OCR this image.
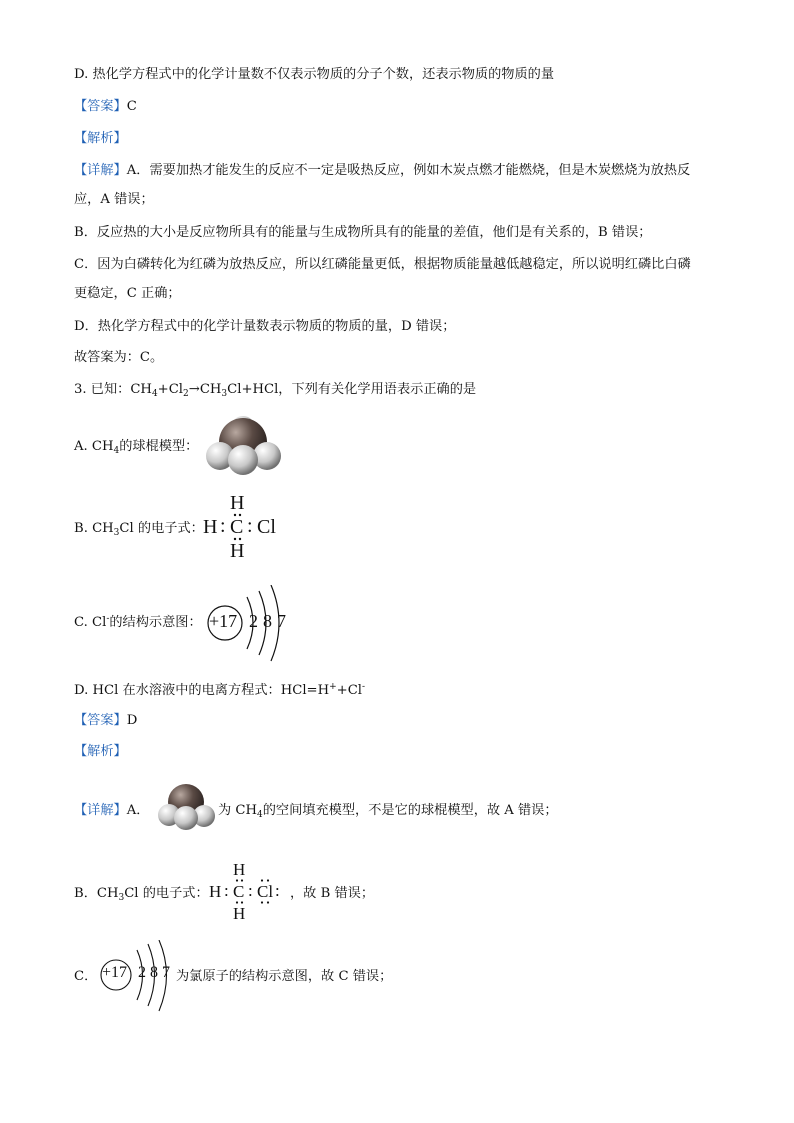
D. 热化学方程式中的化学计量数不仅表示物质的分子个数，还表示物质的物质的量
【答案】C
【解析】
【详解】A．需要加热才能发生的反应不一定是吸热反应，例如木炭点燃才能燃烧，但是木炭燃烧为放热反
应，A 错误；
B．反应热的大小是反应物所具有的能量与生成物所具有的能量的差值，他们是有关系的，B 错误；
C．因为白磷转化为红磷为放热反应，所以红磷能量更低，根据物质能量越低越稳定，所以说明红磷比白磷
更稳定，C 正确；
D．热化学方程式中的化学计量数表示物质的物质的量，D 错误；
故答案为：C。
3. 已知：$CH_4+Cl_2\to CH_3Cl+HCl$，下列有关化学用语表示正确的是
A. $CH_4$的球棍模型：
B. $CH_3Cl$ 的电子式：
H
H : C : Cl
H
C. Cl-的结构示意图： +17 2 8 7
D. HCl 在水溶液中的电离方程式：HCl=H++Cl-
【答案】D
【解析】
【详解】A．	为 $CH_4$的空间填充模型，不是它的球棍模型，故 A 错误；
B．$CH_3Cl$ 的电子式：
H
H : C : Cl :
H
，故 B 错误；
C． +17 2 8 7 为氯原子的结构示意图，故 C 错误；
